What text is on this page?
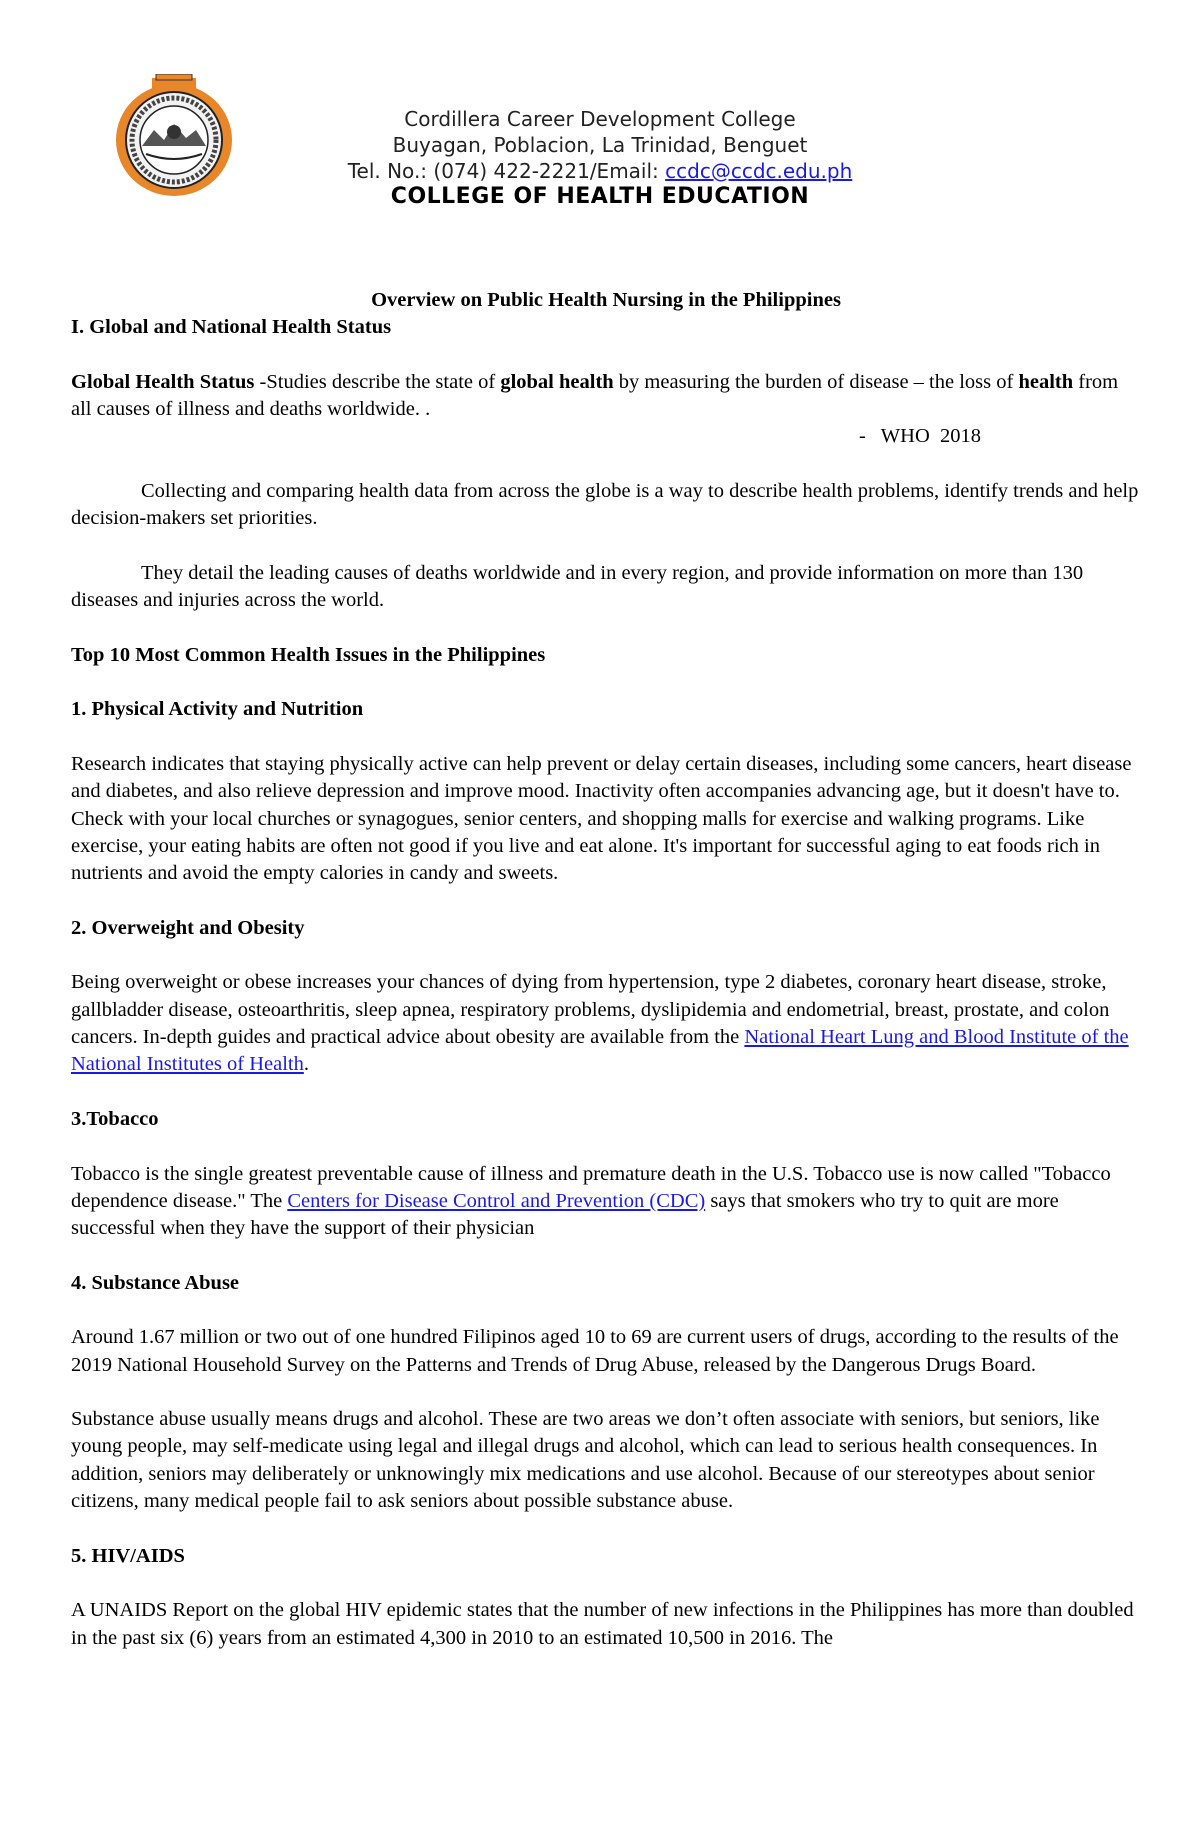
Cordillera Career Development College
Buyagan, Poblacion, La Trinidad, Benguet
Tel. No.: (074) 422-2221/Email: ccdc@ccdc.edu.ph
COLLEGE OF HEALTH EDUCATION

Overview on Public Health Nursing in the Philippines

I. Global and National Health Status

Global Health Status -Studies describe the state of global health by measuring the burden of disease – the loss of health from all causes of illness and deaths worldwide. .

-   WHO  2018

Collecting and comparing health data from across the globe is a way to describe health problems, identify trends and help decision-makers set priorities.

They detail the leading causes of deaths worldwide and in every region, and provide information on more than 130 diseases and injuries across the world.

Top 10 Most Common Health Issues in the Philippines

1. Physical Activity and Nutrition

Research indicates that staying physically active can help prevent or delay certain diseases, including some cancers, heart disease and diabetes, and also relieve depression and improve mood. Inactivity often accompanies advancing age, but it doesn't have to. Check with your local churches or synagogues, senior centers, and shopping malls for exercise and walking programs. Like exercise, your eating habits are often not good if you live and eat alone. It's important for successful aging to eat foods rich in nutrients and avoid the empty calories in candy and sweets.

2. Overweight and Obesity

Being overweight or obese increases your chances of dying from hypertension, type 2 diabetes, coronary heart disease, stroke, gallbladder disease, osteoarthritis, sleep apnea, respiratory problems, dyslipidemia and endometrial, breast, prostate, and colon cancers. In-depth guides and practical advice about obesity are available from the National Heart Lung and Blood Institute of the National Institutes of Health.

3.Tobacco

Tobacco is the single greatest preventable cause of illness and premature death in the U.S. Tobacco use is now called "Tobacco dependence disease." The Centers for Disease Control and Prevention (CDC) says that smokers who try to quit are more successful when they have the support of their physician

4. Substance Abuse

Around 1.67 million or two out of one hundred Filipinos aged 10 to 69 are current users of drugs, according to the results of the 2019 National Household Survey on the Patterns and Trends of Drug Abuse, released by the Dangerous Drugs Board.

Substance abuse usually means drugs and alcohol. These are two areas we don’t often associate with seniors, but seniors, like young people, may self-medicate using legal and illegal drugs and alcohol, which can lead to serious health consequences. In addition, seniors may deliberately or unknowingly mix medications and use alcohol. Because of our stereotypes about senior citizens, many medical people fail to ask seniors about possible substance abuse.

5. HIV/AIDS

A UNAIDS Report on the global HIV epidemic states that the number of new infections in the Philippines has more than doubled in the past six (6) years from an estimated 4,300 in 2010 to an estimated 10,500 in 2016. The
